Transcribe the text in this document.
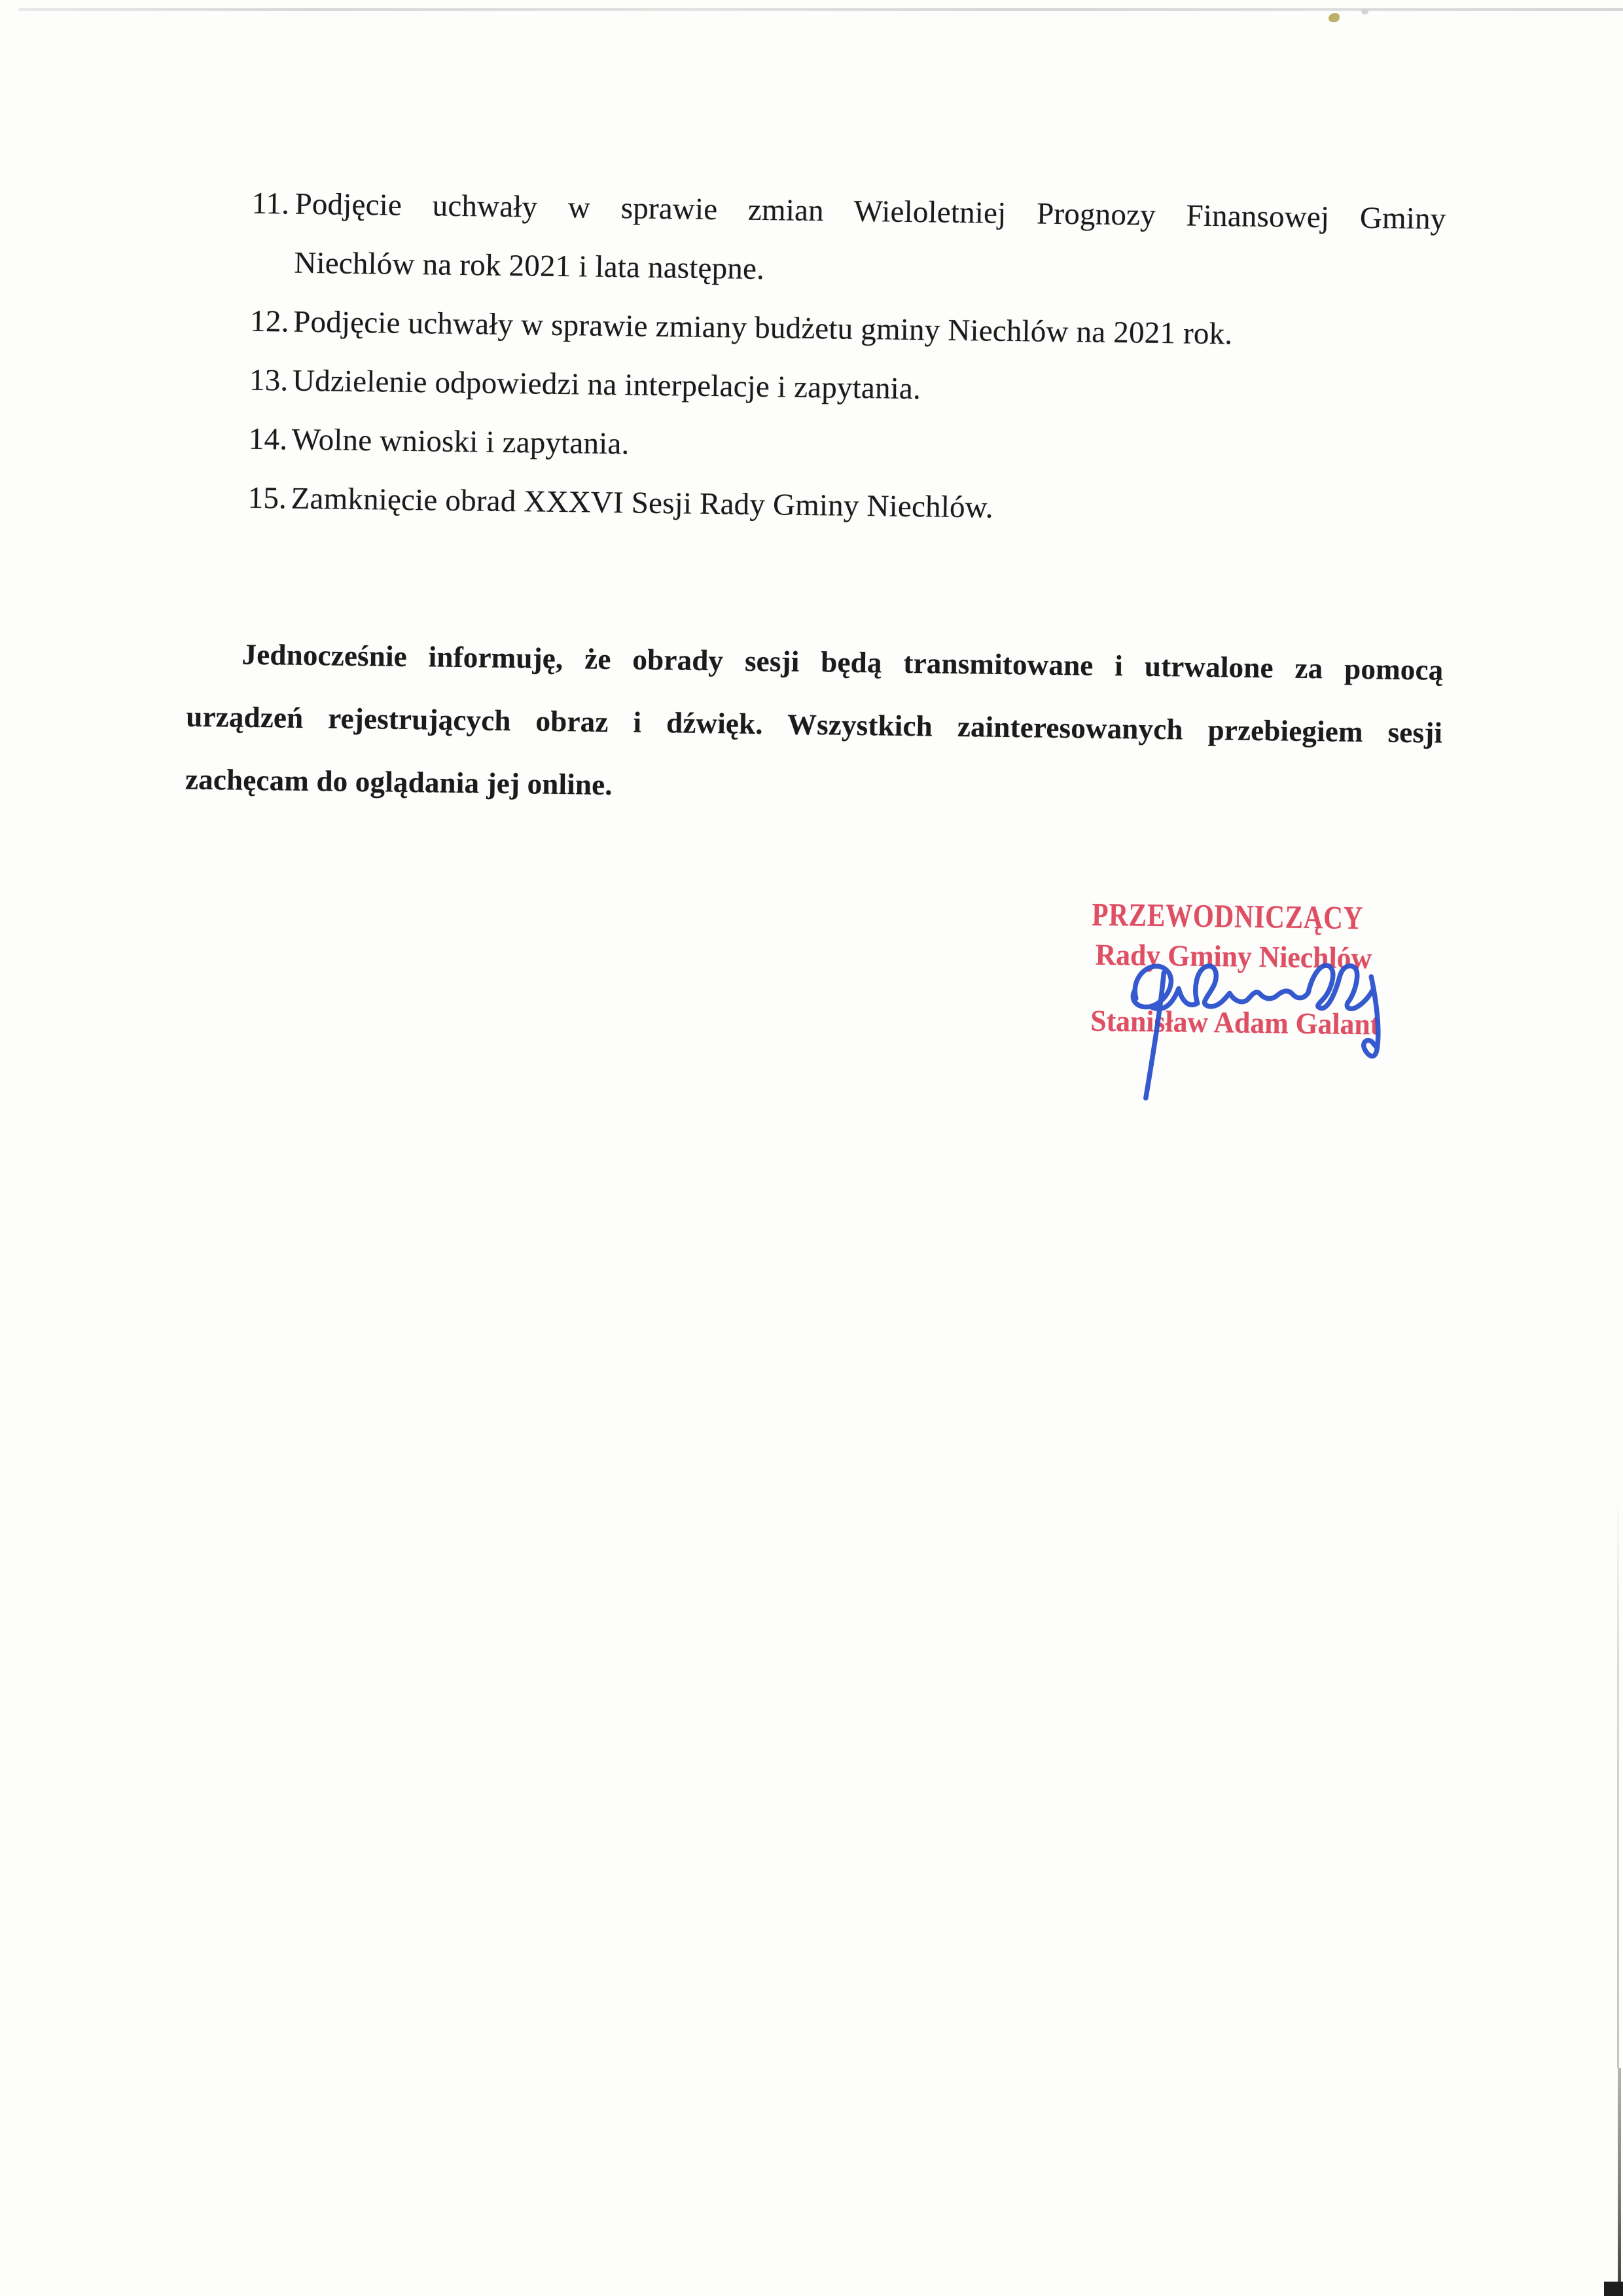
11. Podjęcie uchwały w sprawie zmian Wieloletniej Prognozy Finansowej Gminy
Niechlów na rok 2021 i lata następne.
12. Podjęcie uchwały w sprawie zmiany budżetu gminy Niechlów na 2021 rok.
13. Udzielenie odpowiedzi na interpelacje i zapytania.
14. Wolne wnioski i zapytania.
15. Zamknięcie obrad XXXVI Sesji Rady Gminy Niechlów.
Jednocześnie informuję, że obrady sesji będą transmitowane i utrwalone za pomocą
urządzeń rejestrujących obraz i dźwięk. Wszystkich zainteresowanych przebiegiem sesji
zachęcam do oglądania jej online.
PRZEWODNICZĄCY
Rady Gminy Niechlów
Stanisław Adam Galant
